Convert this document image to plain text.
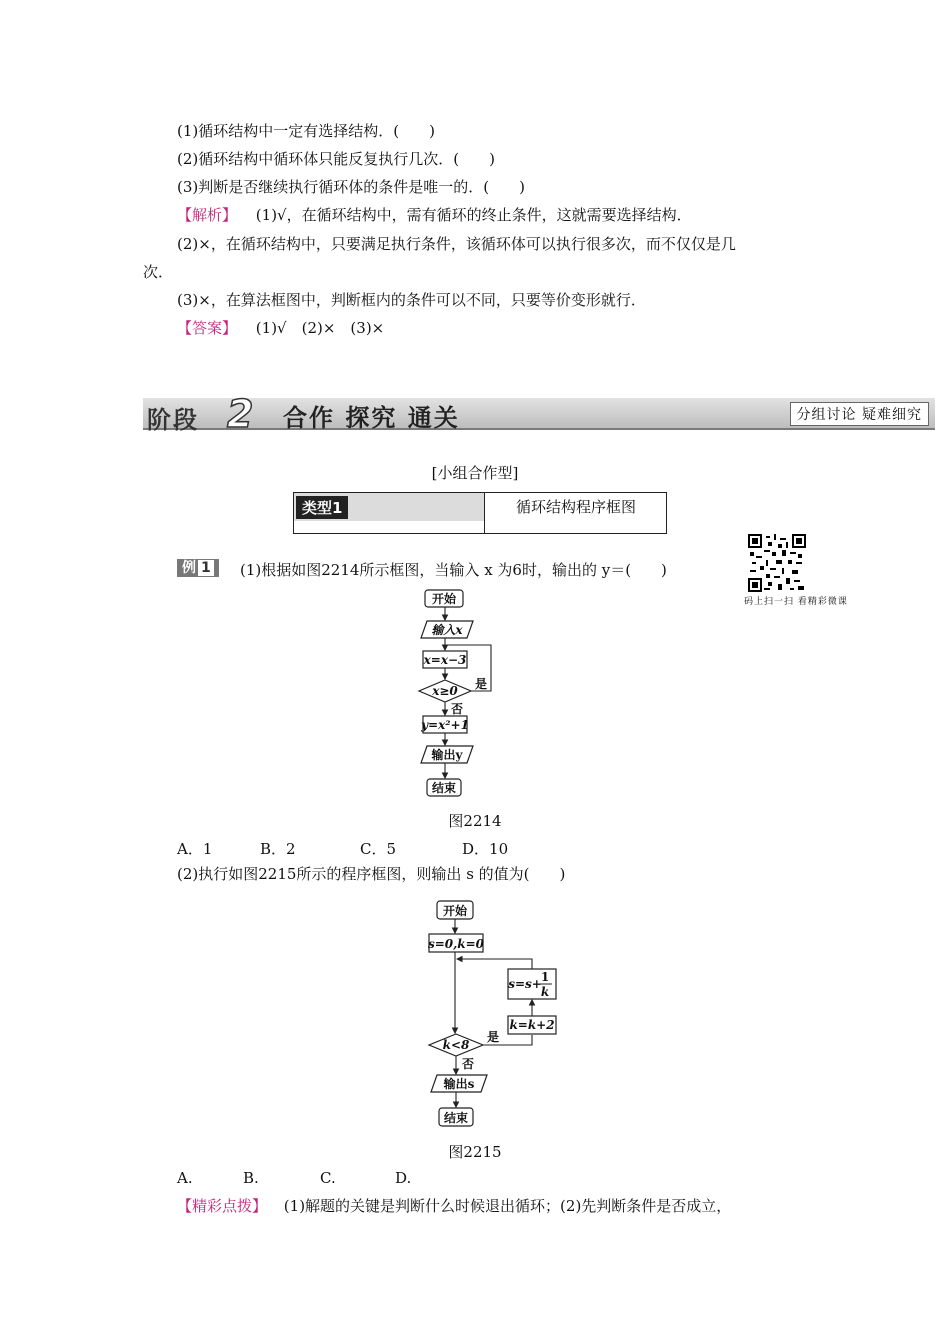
(1)循环结构中一定有选择结构．(　　)
(2)循环结构中循环体只能反复执行几次．(　　)
(3)判断是否继续执行循环体的条件是唯一的．(　　)
【解析】 (1)√，在循环结构中，需有循环的终止条件，这就需要选择结构．
(2)×，在循环结构中，只要满足执行条件，该循环体可以执行很多次，而不仅仅是几
次．
(3)×，在算法框图中，判断框内的条件可以不同，只要等价变形就行．
【答案】 (1)√　(2)×　(3)×
阶段 2 合作 探究 通关	分组讨论 疑难细究
[小组合作型]
类型1	循环结构程序框图
例 1	(1)根据如图2214所示框图，当输入 x 为6时，输出的 y＝(　　)
码上扫一扫 看精彩微课
开始
输入x
x=x−3
x≥0
y=x²+1
输出y
结束
是
否
图2214
A．1	B．2	C．5	D．10
(2)执行如图2215所示的程序框图，则输出 s 的值为(　　)
开始
s=0,k=0
s=s+ 1
k
k=k+2
k<8
输出s
结束
是
否
图2215
A.	B.	C.	D.
【精彩点拨】 (1)解题的关键是判断什么时候退出循环；(2)先判断条件是否成立，
